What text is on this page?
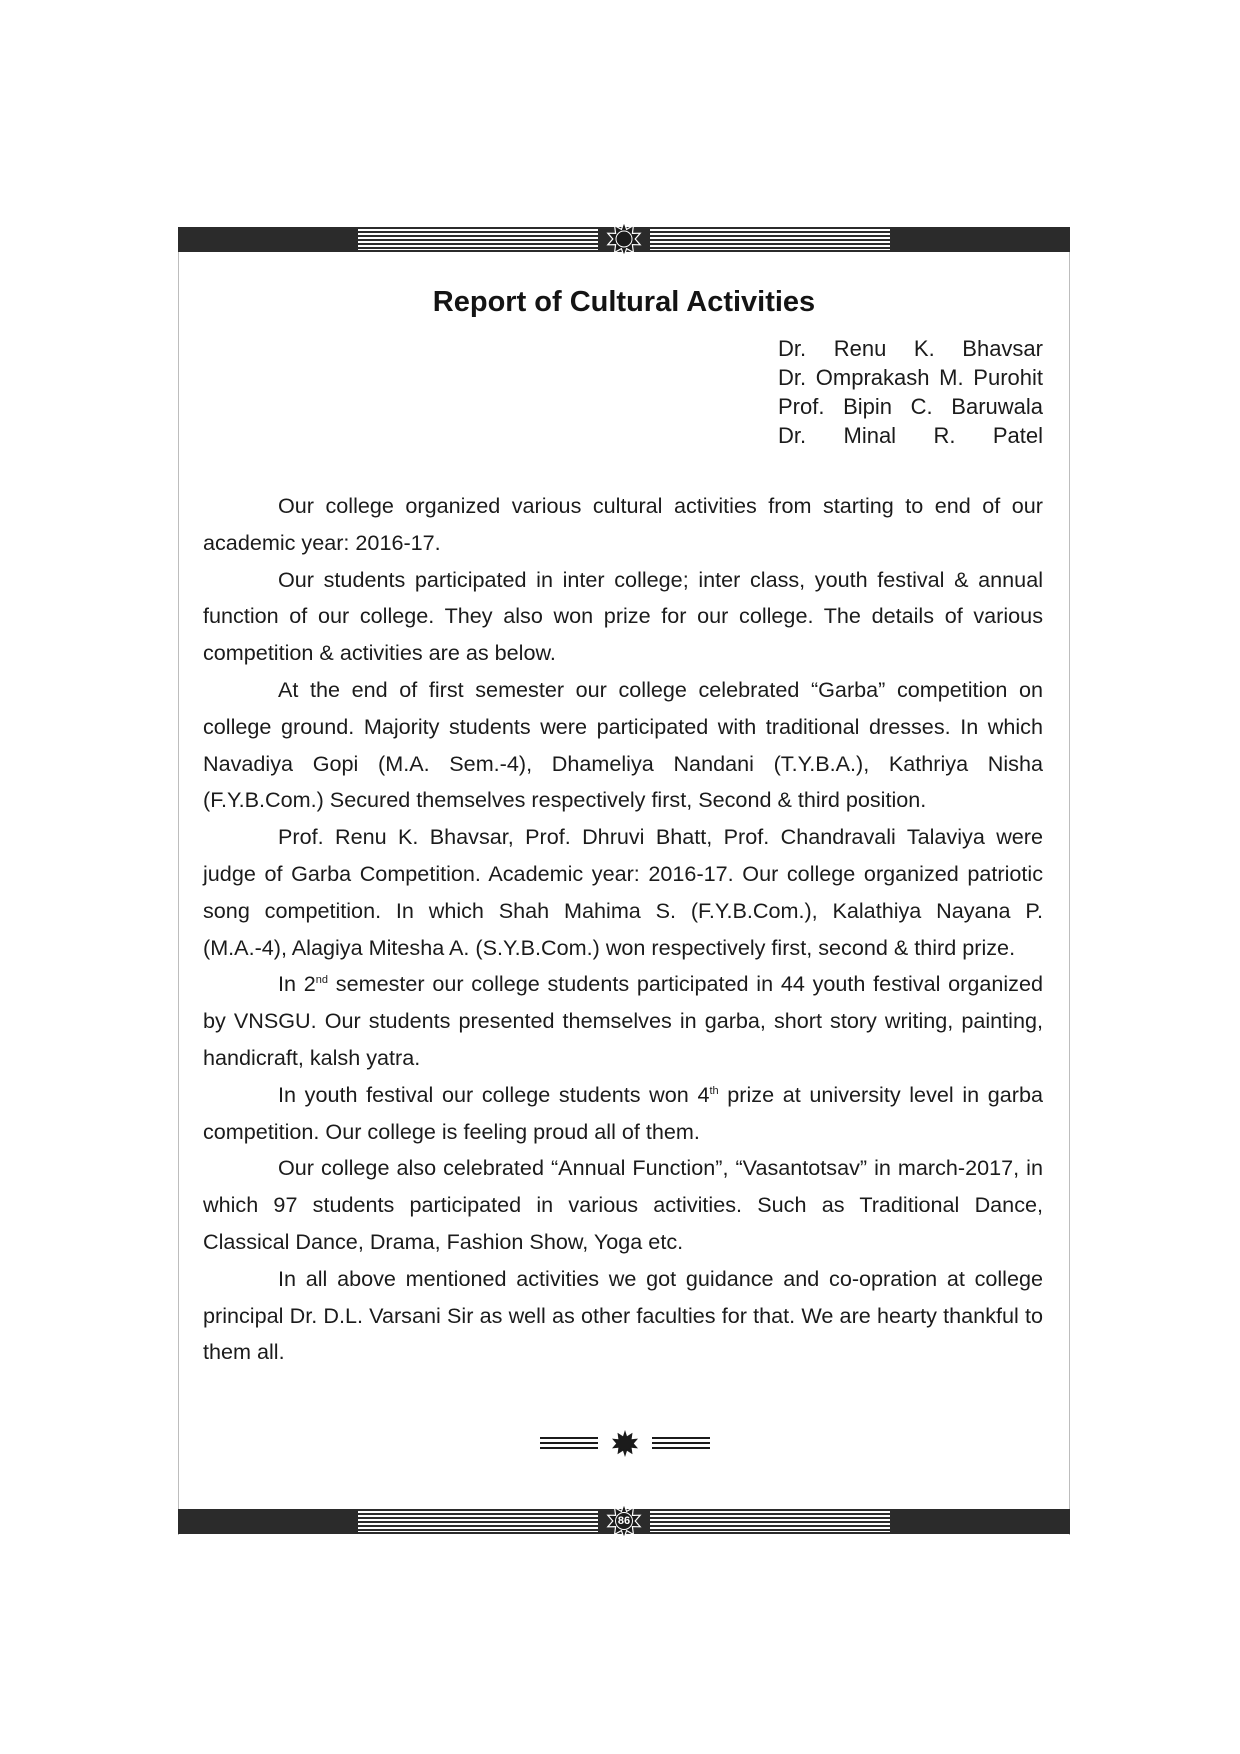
Report of Cultural Activities
Dr. Renu K. Bhavsar
Dr. Omprakash M. Purohit
Prof. Bipin C. Baruwala
Dr. Minal R. Patel

Our college organized various cultural activities from starting to end of our academic year: 2016-17.

Our students participated in inter college; inter class, youth festival & annual function of our college. They also won prize for our college. The details of various competition & activities are as below.

At the end of first semester our college celebrated “Garba” competition on college ground. Majority students were participated with traditional dresses. In which Navadiya Gopi (M.A. Sem.-4), Dhameliya Nandani (T.Y.B.A.), Kathriya Nisha (F.Y.B.Com.) Secured themselves respectively first, Second & third position.

Prof. Renu K. Bhavsar, Prof. Dhruvi Bhatt, Prof. Chandravali Talaviya were judge of Garba Competition. Academic year: 2016-17. Our college organized patriotic song competition. In which Shah Mahima S. (F.Y.B.Com.), Kalathiya Nayana P. (M.A.-4), Alagiya Mitesha A. (S.Y.B.Com.) won respectively first, second & third prize.

In 2nd semester our college students participated in 44 youth festival organized by VNSGU. Our students presented themselves in garba, short story writing, painting, handicraft, kalsh yatra.

In youth festival our college students won 4th prize at university level in garba competition. Our college is feeling proud all of them.

Our college also celebrated “Annual Function”, “Vasantotsav” in march-2017, in which 97 students participated in various activities. Such as Traditional Dance, Classical Dance, Drama, Fashion Show, Yoga etc.

In all above mentioned activities we got guidance and co-opration at college principal Dr. D.L. Varsani Sir as well as other faculties for that. We are hearty thankful to them all.

86
